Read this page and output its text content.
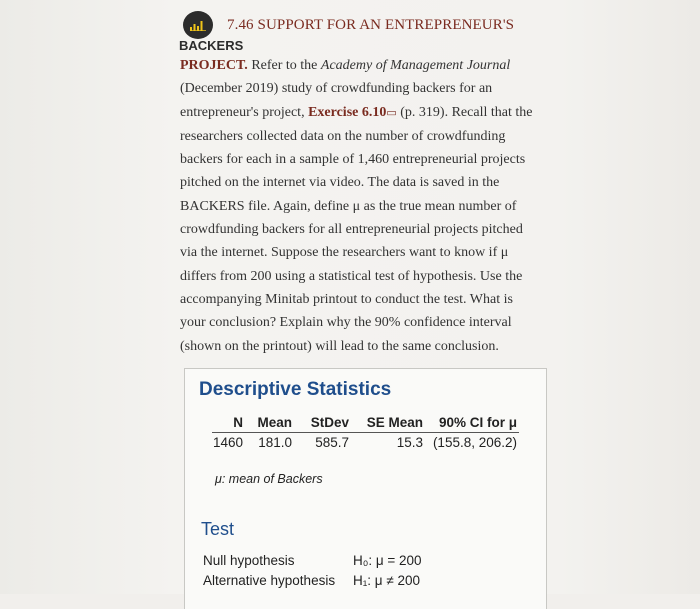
7.46 SUPPORT FOR AN ENTREPRENEUR'S
BACKERS
PROJECT. Refer to the Academy of Management Journal
(December 2019) study of crowdfunding backers for an
entrepreneur's project, Exercise 6.10▭ (p. 319). Recall that the
researchers collected data on the number of crowdfunding
backers for each in a sample of 1,460 entrepreneurial projects
pitched on the internet via video. The data is saved in the
BACKERS file. Again, define μ as the true mean number of
crowdfunding backers for all entrepreneurial projects pitched
via the internet. Suppose the researchers want to know if μ
differs from 200 using a statistical test of hypothesis. Use the
accompanying Minitab printout to conduct the test. What is
your conclusion? Explain why the 90% confidence interval
(shown on the printout) will lead to the same conclusion.
Descriptive Statistics
N	Mean	StDev	SE Mean	90% CI for μ
1460	181.0	585.7	15.3	(155.8, 206.2)
μ: mean of Backers
Test
Null hypothesis	H₀: μ = 200
Alternative hypothesis H₁: μ ≠ 200
